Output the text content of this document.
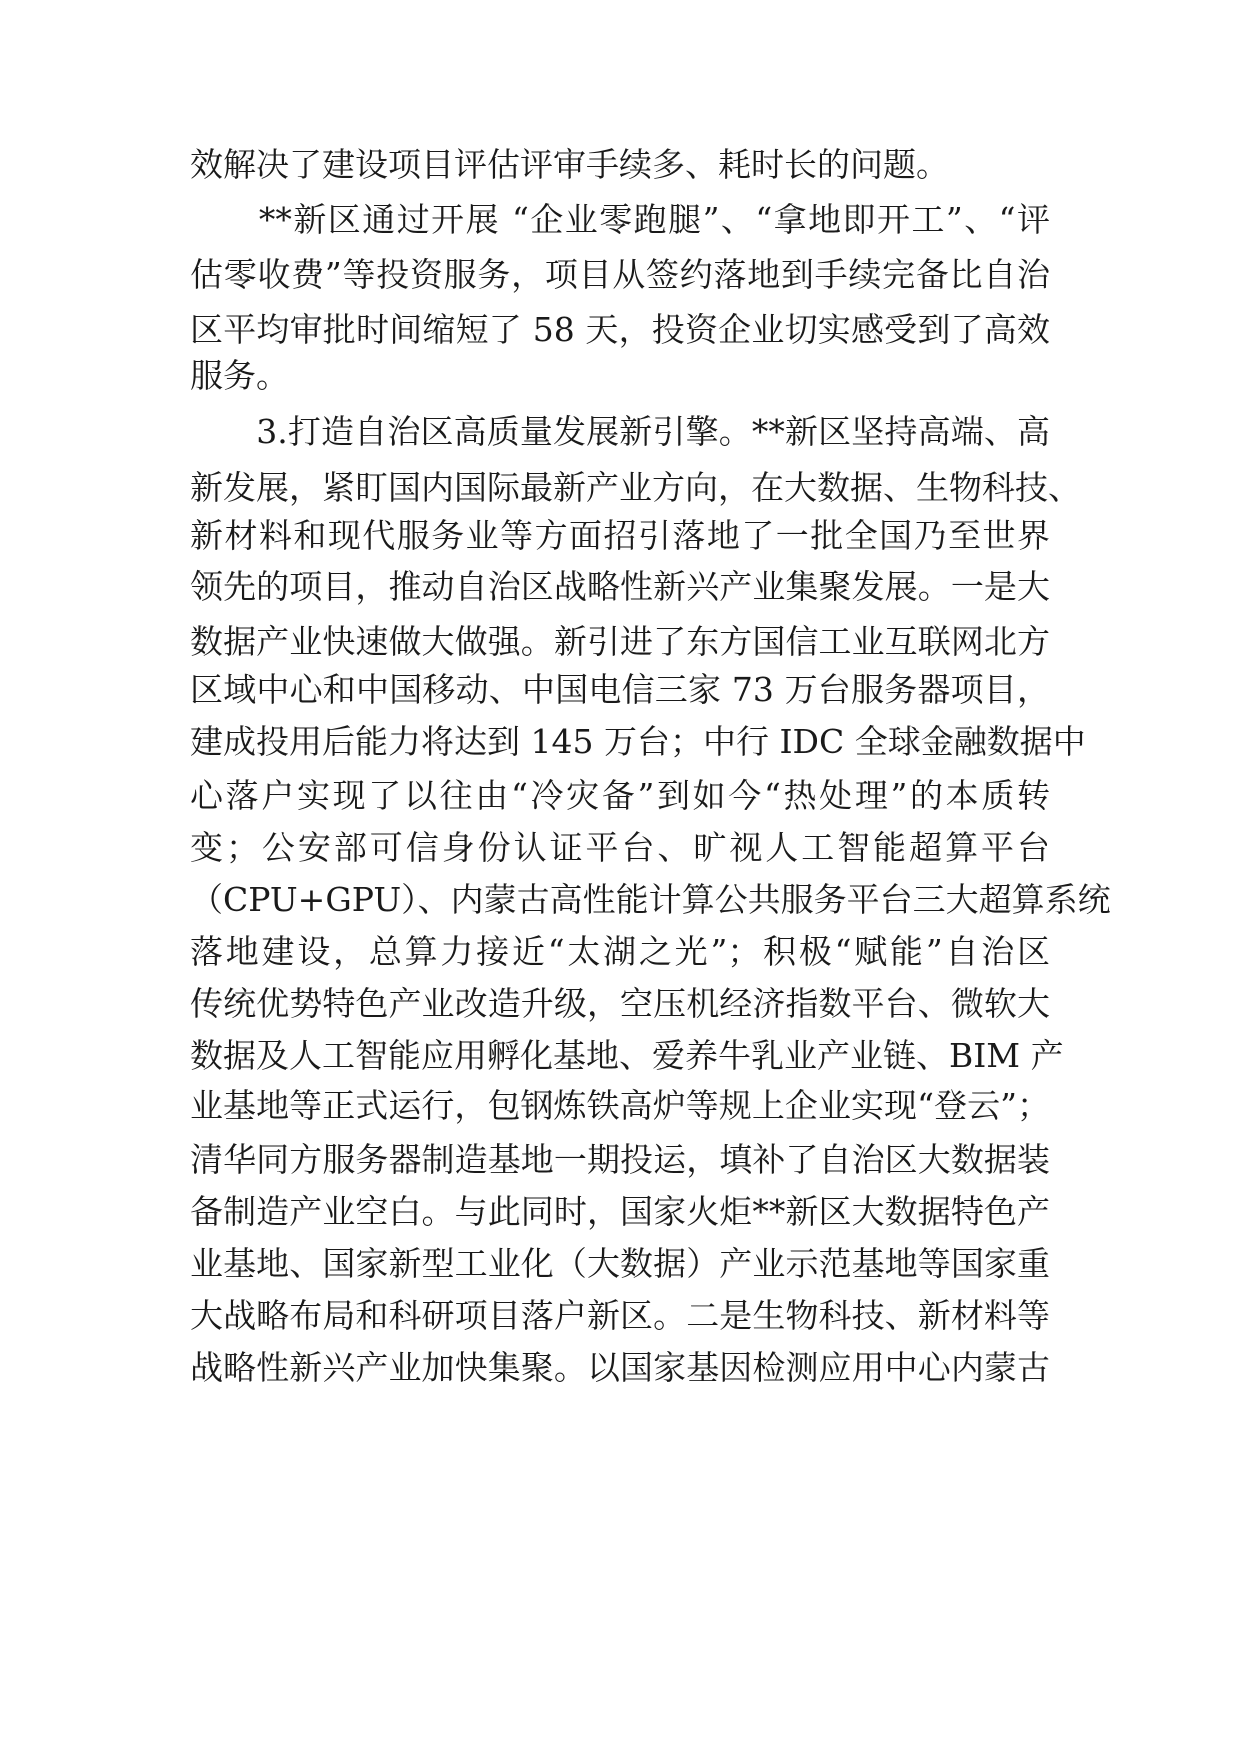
效解决了建设项目评估评审手续多、耗时长的问题。
　　**新区通过开展 “企业零跑腿”、“拿地即开工”、“评
估零收费”等投资服务，项目从签约落地到手续完备比自治
区平均审批时间缩短了 58 天，投资企业切实感受到了高效
服务。
　　3.打造自治区高质量发展新引擎。**新区坚持高端、高
新发展，紧盯国内国际最新产业方向，在大数据、生物科技、
新材料和现代服务业等方面招引落地了一批全国乃至世界
领先的项目，推动自治区战略性新兴产业集聚发展。一是大
数据产业快速做大做强。新引进了东方国信工业互联网北方
区域中心和中国移动、中国电信三家 73 万台服务器项目，
建成投用后能力将达到 145 万台；中行 IDC 全球金融数据中
心落户实现了以往由“冷灾备”到如今“热处理”的本质转
变；公安部可信身份认证平台、旷视人工智能超算平台
（CPU+GPU）、内蒙古高性能计算公共服务平台三大超算系统
落地建设，总算力接近“太湖之光”；积极“赋能”自治区
传统优势特色产业改造升级，空压机经济指数平台、微软大
数据及人工智能应用孵化基地、爱养牛乳业产业链、BIM 产
业基地等正式运行，包钢炼铁高炉等规上企业实现“登云”；
清华同方服务器制造基地一期投运，填补了自治区大数据装
备制造产业空白。与此同时，国家火炬**新区大数据特色产
业基地、国家新型工业化（大数据）产业示范基地等国家重
大战略布局和科研项目落户新区。二是生物科技、新材料等
战略性新兴产业加快集聚。以国家基因检测应用中心内蒙古
